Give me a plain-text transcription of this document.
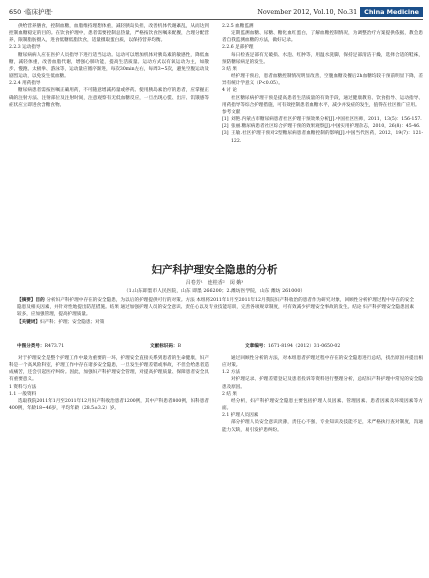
650 ·临床护理·	November 2012, Vol.10, No.31 China Medicine

供给营养膳食，控制血糖，血脂维持理想体重，减轻胰岛负担，改善机体代谢紊乱，从而达到控制血糖稳定的目的。在饮食护理中，患者需要控制总热量，严格按饮食医嘱来配餐，合理分配营养，限制脂肪摄入，进食低糖低脂饮食，适量摄取蛋白质，以保持营养均衡。

2.2.3 运动指导

糖尿病病人应在医护人员指导下进行适当运动。运动可以增加机体对胰岛素的敏感性，降低血糖，减轻体重，改善血脂代谢，增强心肺功能，提高生活质量。运动方式以有氧运动为主，如散步、慢跑、太极拳、游泳等，运动量应循序渐进，每次30min左右，每周3~5次，避免空腹运动及剧烈运动，以免发生低血糖。

2.2.4 用药指导

糖尿病患者需按医嘱正确用药，不可随意增减药量或停药。使用胰岛素治疗的患者，应掌握正确的注射方法、注射部位及注射时间，注意观察有无低血糖反应，一旦出现心慌、出汗、饥饿感等症状应立即进食含糖食物。

2.2.5 血糖监测

定期监测血糖、尿糖、糖化血红蛋白，了解血糖控制情况，为调整治疗方案提供依据，教会患者自我监测血糖的方法，做好记录。

2.2.6 足部护理

每日检查足部有无破损、水泡、红肿等，用温水洗脚，保持足部清洁干燥，选择合适的鞋袜，预防糖尿病足的发生。

3 结 果

经护理干预后，患者血糖控制情况明显改善，空腹血糖及餐后2h血糖均较干预前明显下降，差异有统计学意义（P<0.05）。

4 讨 论

社区糖尿病护理干预是提高患者生活质量的有效手段，通过健康教育、饮食指导、运动指导、用药指导等综合护理措施，可有效控制患者血糖水平，减少并发症的发生，值得在社区推广应用。

参考文献

[1] 刘艳.内蒙古市糖尿病患者社区护理干预效果分析[J].中国社区医师，2011，13(5)：156-157.

[2] 张丽.糖尿病患者社区综合护理干预的效果观察[J].中国实用护理杂志，2010，26(8)：45-46.

[3] 王敏.社区护理干预对2型糖尿病患者血糖控制的影响[J].中国当代医药，2012，19(7)：121-122.

妇产科护理安全隐患的分析
吕卷芳¹　连桂香²　闵 娥³
（1.山东即墨市人民医院，山东 即墨 266200；2.潍坊医学院，山东 潍坊 261000）

【摘要】目的 分析妇产科护理中存在的安全隐患，为以后的护理提供可行的对策。方法 本组将2011年1月至2011年12月我院妇产科收治的患者作为研究对象，回顾性分析护理过程中存在的安全隐患及相关因素，并针对性地提出防范措施。结果 通过加强护理人员的安全意识、责任心以及专业技能培训，完善各项规章制度，可有效减少护理安全事故的发生。结论 妇产科护理安全隐患因素较多，应加强管理，提高护理质量。

【关键词】妇产科；护理；安全隐患；对策

中图分类号：R473.71	文献标识码：B	文章编号：1671-8194（2012）31-0650-02

对于护理安全是整个护理工作中最为重要的一环，护理安全直接关系到患者的生命健康，妇产科是一个高风险科室，护理工作中存在诸多安全隐患，一旦发生护理差错或事故，不但会给患者造成痛苦，还会引起医疗纠纷。因此，加强妇产科护理安全管理，对提高护理质量、保障患者安全具有重要意义。

1 资料与方法

1.1 一般资料

选取我院2011年1月至2011年12月妇产科收治患者1200例，其中产科患者800例，妇科患者400例，年龄18~46岁，平均年龄（28.5±3.2）岁。

通过回顾性分析的方法，对本组患者护理过程中存在的安全隐患进行总结，找出原因并提出相应对策。

1.2 方法

对护理记录、护理差错登记及患者投诉等资料进行整理分析，总结妇产科护理中常见的安全隐患及原因。

2 结 果

经分析，妇产科护理安全隐患主要包括护理人员因素、管理因素、患者因素及环境因素等方面。

2.1 护理人员因素

部分护理人员安全意识淡薄，责任心不强，专业知识及技能不足，未严格执行查对制度，沟通能力欠缺，易引发护患纠纷。
